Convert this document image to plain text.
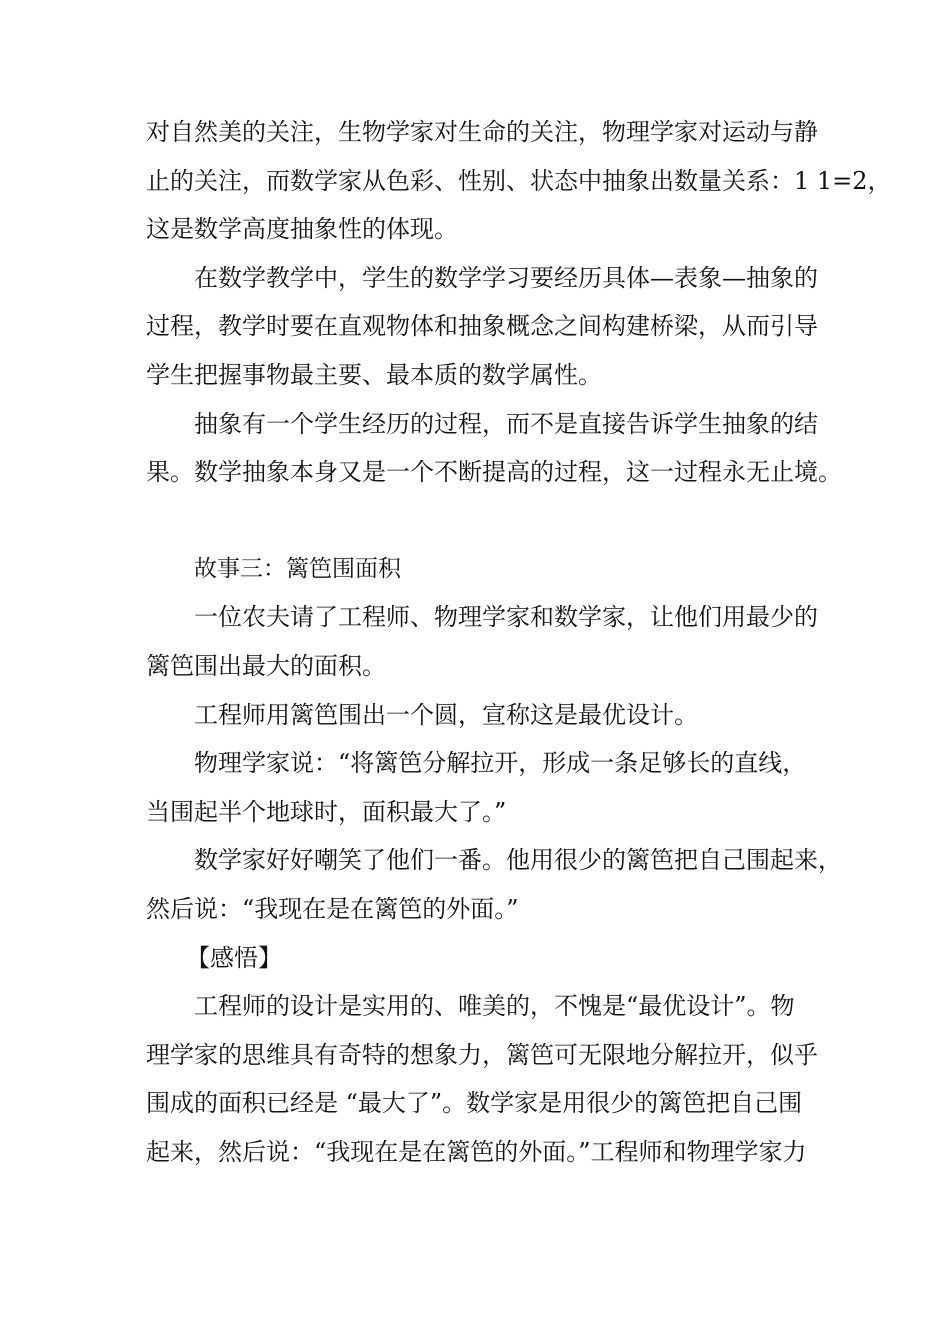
对自然美的关注，生物学家对生命的关注，物理学家对运动与静
止的关注，而数学家从色彩、性别、状态中抽象出数量关系：1 1=2，
这是数学高度抽象性的体现。
在数学教学中，学生的数学学习要经历具体—表象—抽象的
过程，教学时要在直观物体和抽象概念之间构建桥梁，从而引导
学生把握事物最主要、最本质的数学属性。
抽象有一个学生经历的过程，而不是直接告诉学生抽象的结
果。数学抽象本身又是一个不断提高的过程，这一过程永无止境。
故事三：篱笆围面积
一位农夫请了工程师、物理学家和数学家，让他们用最少的
篱笆围出最大的面积。
工程师用篱笆围出一个圆，宣称这是最优设计。
物理学家说：“将篱笆分解拉开，形成一条足够长的直线，
当围起半个地球时，面积最大了。”
数学家好好嘲笑了他们一番。他用很少的篱笆把自己围起来，
然后说：“我现在是在篱笆的外面。”
【感悟】
工程师的设计是实用的、唯美的，不愧是“最优设计”。物
理学家的思维具有奇特的想象力，篱笆可无限地分解拉开，似乎
围成的面积已经是 “最大了”。数学家是用很少的篱笆把自己围
起来，然后说：“我现在是在篱笆的外面。”工程师和物理学家力
